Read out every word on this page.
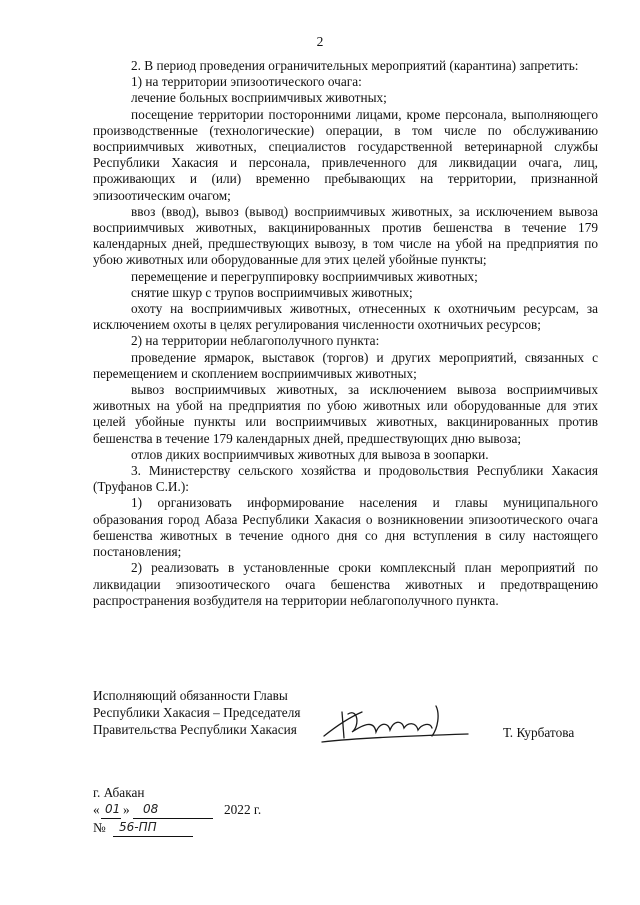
2

2. В период проведения ограничительных мероприятий (карантина) запретить:

1) на территории эпизоотического очага:

лечение больных восприимчивых животных;

посещение территории посторонними лицами, кроме персонала, выполняющего производственные (технологические) операции, в том числе по обслуживанию восприимчивых животных, специалистов государственной ветеринарной службы Республики Хакасия и персонала, привлеченного для ликвидации очага, лиц, проживающих и (или) временно пребывающих на территории, признанной эпизоотическим очагом;

ввоз (ввод), вывоз (вывод) восприимчивых животных, за исключением вывоза восприимчивых животных, вакцинированных против бешенства в течение 179 календарных дней, предшествующих вывозу, в том числе на убой на предприятия по убою животных или оборудованные для этих целей убойные пункты;

перемещение и перегруппировку восприимчивых животных;

снятие шкур с трупов восприимчивых животных;

охоту на восприимчивых животных, отнесенных к охотничьим ресурсам, за исключением охоты в целях регулирования численности охотничьих ресурсов;

2) на территории неблагополучного пункта:

проведение ярмарок, выставок (торгов) и других мероприятий, связанных с перемещением и скоплением восприимчивых животных;

вывоз восприимчивых животных, за исключением вывоза восприимчивых животных на убой на предприятия по убою животных или оборудованные для этих целей убойные пункты или восприимчивых животных, вакцинированных против бешенства в течение 179 календарных дней, предшествующих дню вывоза;

отлов диких восприимчивых животных для вывоза в зоопарки.

3. Министерству сельского хозяйства и продовольствия Республики Хакасия (Труфанов С.И.):

1) организовать информирование населения и главы муниципального образования город Абаза Республики Хакасия о возникновении эпизоотического очага бешенства животных в течение одного дня со дня вступления в силу настоящего постановления;

2) реализовать в установленные сроки комплексный план мероприятий по ликвидации эпизоотического очага бешенства животных и предотвращению распространения возбудителя на территории неблагополучного пункта.

Исполняющий обязанности Главы
Республики Хакасия – Председателя
Правительства Республики Хакасия	Т. Курбатова
г. Абакан
« 01 » 08	2022 г.
№ 56-ПП
